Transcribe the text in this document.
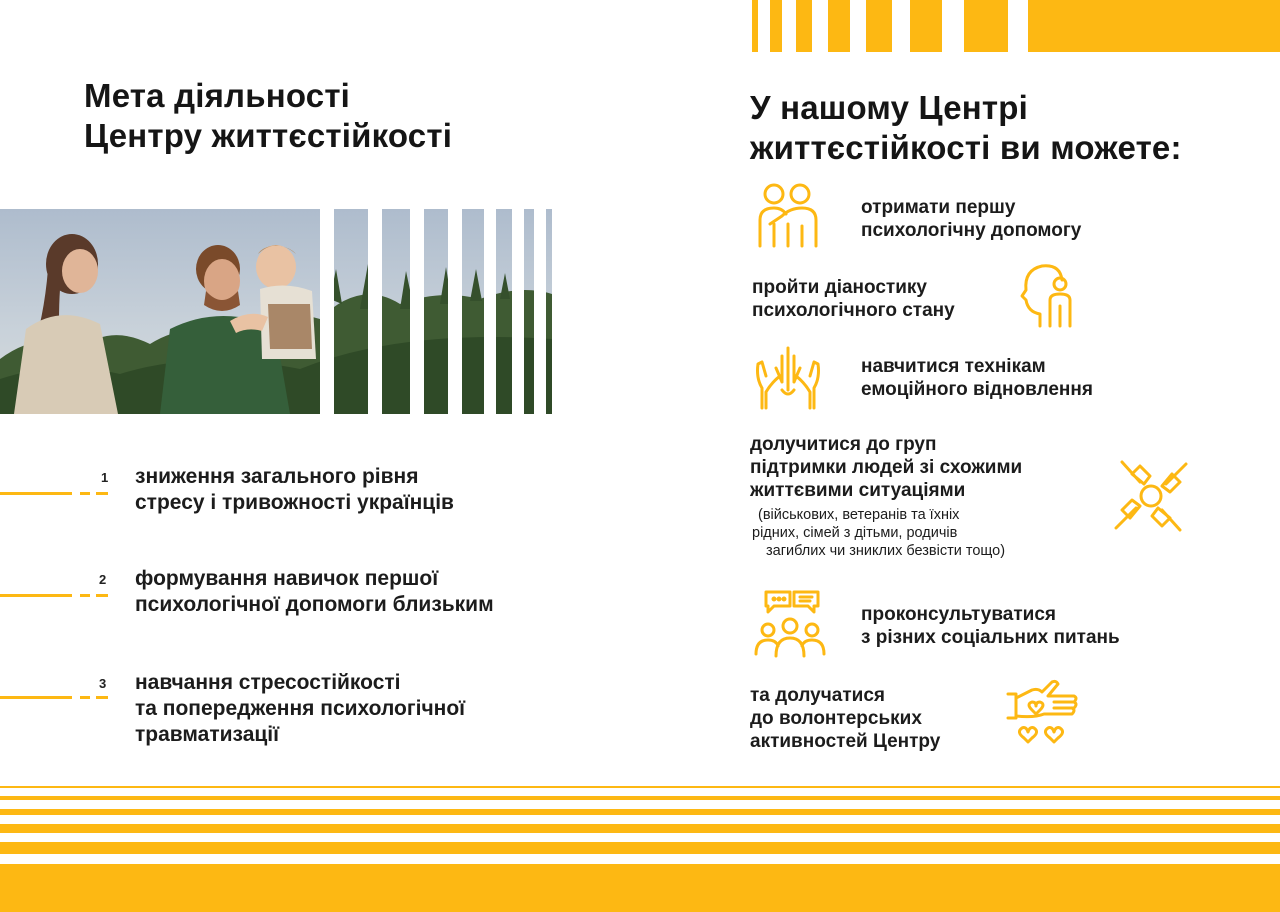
Мета діяльності
Центру життєстійкості
1 зниження загального рівня
стресу і тривожності українців
2 формування навичок першої
психологічної допомоги близьким
3 навчання стресостійкості
та попередження психологічної
травматизації
У нашому Центрі
життєстійкості ви можете:
отримати першу
психологічну допомогу
пройти діаностику
психологічного стану
навчитися технікам
емоційного відновлення
долучитися до груп
підтримки людей зі схожими
життєвими ситуаціями
(військових, ветеранів та їхніх
рідних, сімей з дітьми, родичів
загиблих чи зниклих безвісти тощо)
проконсультуватися
з різних соціальних питань
та долучатися
до волонтерських
активностей Центру
